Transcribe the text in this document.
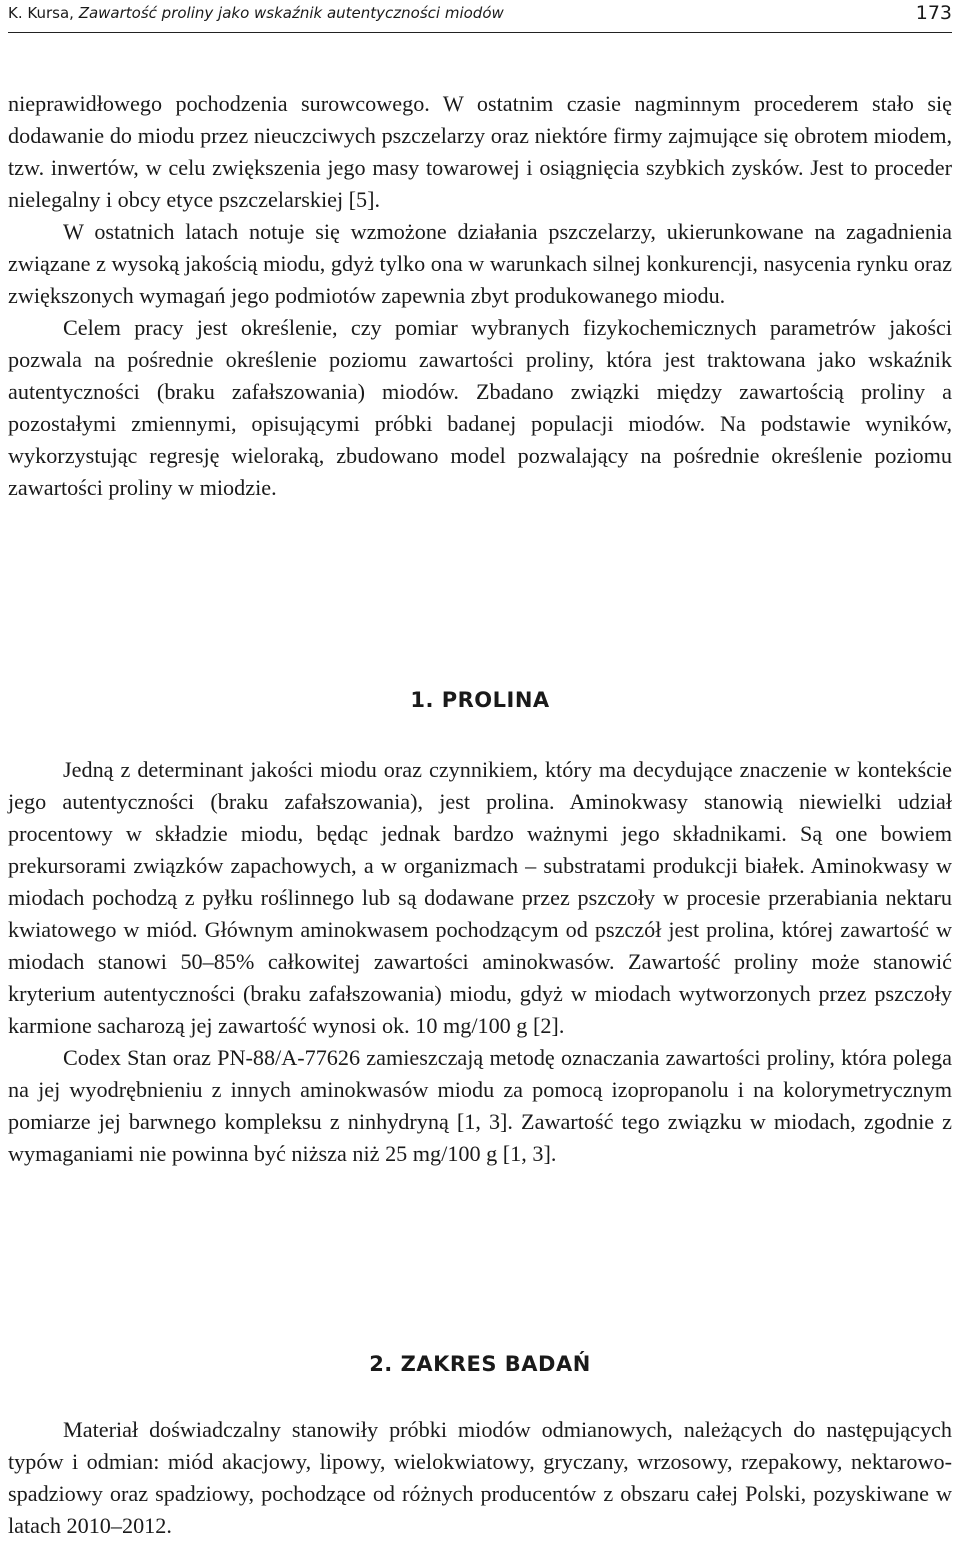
K. Kursa, Zawartość proliny jako wskaźnik autentyczności miodów	173

nieprawidłowego pochodzenia surowcowego. W ostatnim czasie nagminnym procederem stało się dodawanie do miodu przez nieuczciwych pszczelarzy oraz niektóre firmy zajmujące się obrotem miodem, tzw. inwertów, w celu zwiększenia jego masy towarowej i osiągnięcia szybkich zysków. Jest to proceder nielegalny i obcy etyce pszczelarskiej [5].

W ostatnich latach notuje się wzmożone działania pszczelarzy, ukierunkowane na zagadnienia związane z wysoką jakością miodu, gdyż tylko ona w warunkach silnej konkurencji, nasycenia rynku oraz zwiększonych wymagań jego podmiotów zapewnia zbyt produkowanego miodu.

Celem pracy jest określenie, czy pomiar wybranych fizykochemicznych parametrów jakości pozwala na pośrednie określenie poziomu zawartości proliny, która jest traktowana jako wskaźnik autentyczności (braku zafałszowania) miodów. Zbadano związki między zawartością proliny a pozostałymi zmiennymi, opisującymi próbki badanej populacji miodów. Na podstawie wyników, wykorzystując regresję wieloraką, zbudowano model pozwalający na pośrednie określenie poziomu zawartości proliny w miodzie.

1. PROLINA

Jedną z determinant jakości miodu oraz czynnikiem, który ma decydujące znaczenie w kontekście jego autentyczności (braku zafałszowania), jest prolina. Aminokwasy stanowią niewielki udział procentowy w składzie miodu, będąc jednak bardzo ważnymi jego składnikami. Są one bowiem prekursorami związków zapachowych, a w organizmach – substratami produkcji białek. Aminokwasy w miodach pochodzą z pyłku roślinnego lub są dodawane przez pszczoły w procesie przerabiania nektaru kwiatowego w miód. Głównym aminokwasem pochodzącym od pszczół jest prolina, której zawartość w miodach stanowi 50–85% całkowitej zawartości aminokwasów. Zawartość proliny może stanowić kryterium autentyczności (braku zafałszowania) miodu, gdyż w miodach wytworzonych przez pszczoły karmione sacharozą jej zawartość wynosi ok. 10 mg/100 g [2].

Codex Stan oraz PN-88/A-77626 zamieszczają metodę oznaczania zawartości proliny, która polega na jej wyodrębnieniu z innych aminokwasów miodu za pomocą izopropanolu i na kolorymetrycznym pomiarze jej barwnego kompleksu z ninhydryną [1, 3]. Zawartość tego związku w miodach, zgodnie z wymaganiami nie powinna być niższa niż 25 mg/100 g [1, 3].

2. ZAKRES BADAŃ

Materiał doświadczalny stanowiły próbki miodów odmianowych, należących do następujących typów i odmian: miód akacjowy, lipowy, wielokwiatowy, gryczany, wrzosowy, rzepakowy, nektarowo-spadziowy oraz spadziowy, pochodzące od różnych producentów z obszaru całej Polski, pozyskiwane w latach 2010–2012.
